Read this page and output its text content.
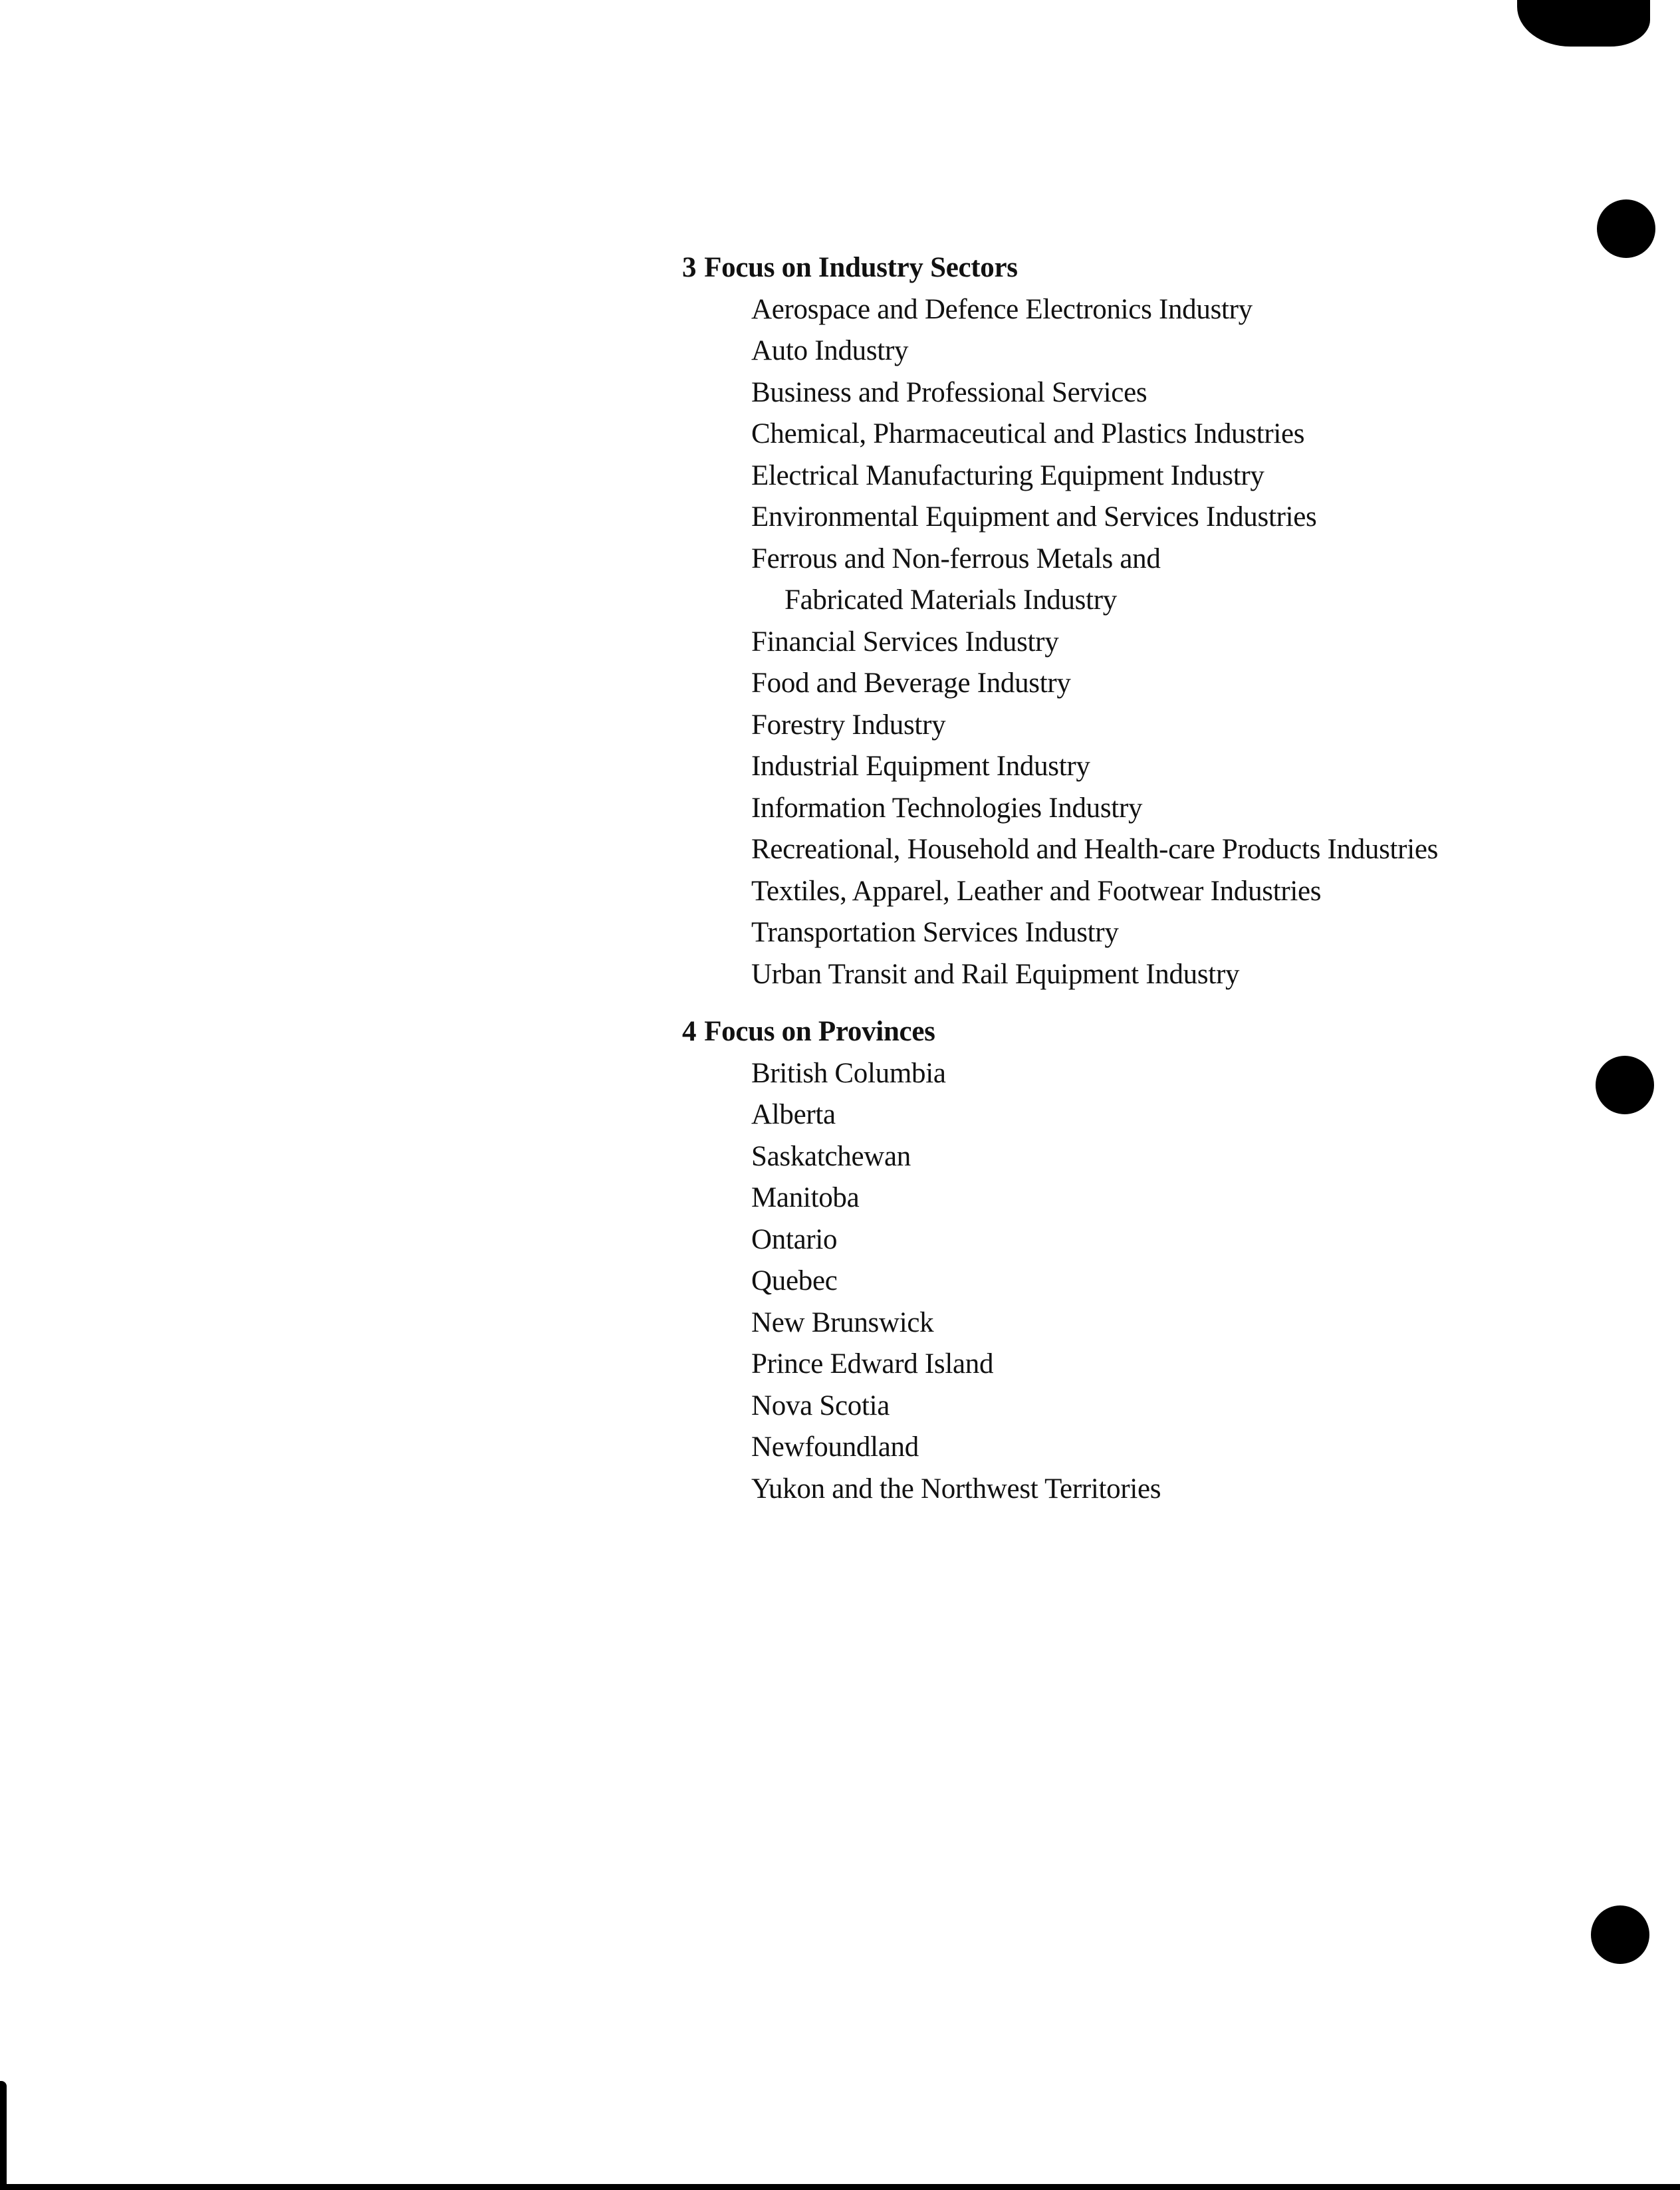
3 Focus on Industry Sectors
Aerospace and Defence Electronics Industry
Auto Industry
Business and Professional Services
Chemical, Pharmaceutical and Plastics Industries
Electrical Manufacturing Equipment Industry
Environmental Equipment and Services Industries
Ferrous and Non-ferrous Metals and
Fabricated Materials Industry
Financial Services Industry
Food and Beverage Industry
Forestry Industry
Industrial Equipment Industry
Information Technologies Industry
Recreational, Household and Health-care Products Industries
Textiles, Apparel, Leather and Footwear Industries
Transportation Services Industry
Urban Transit and Rail Equipment Industry
4 Focus on Provinces
British Columbia
Alberta
Saskatchewan
Manitoba
Ontario
Quebec
New Brunswick
Prince Edward Island
Nova Scotia
Newfoundland
Yukon and the Northwest Territories
